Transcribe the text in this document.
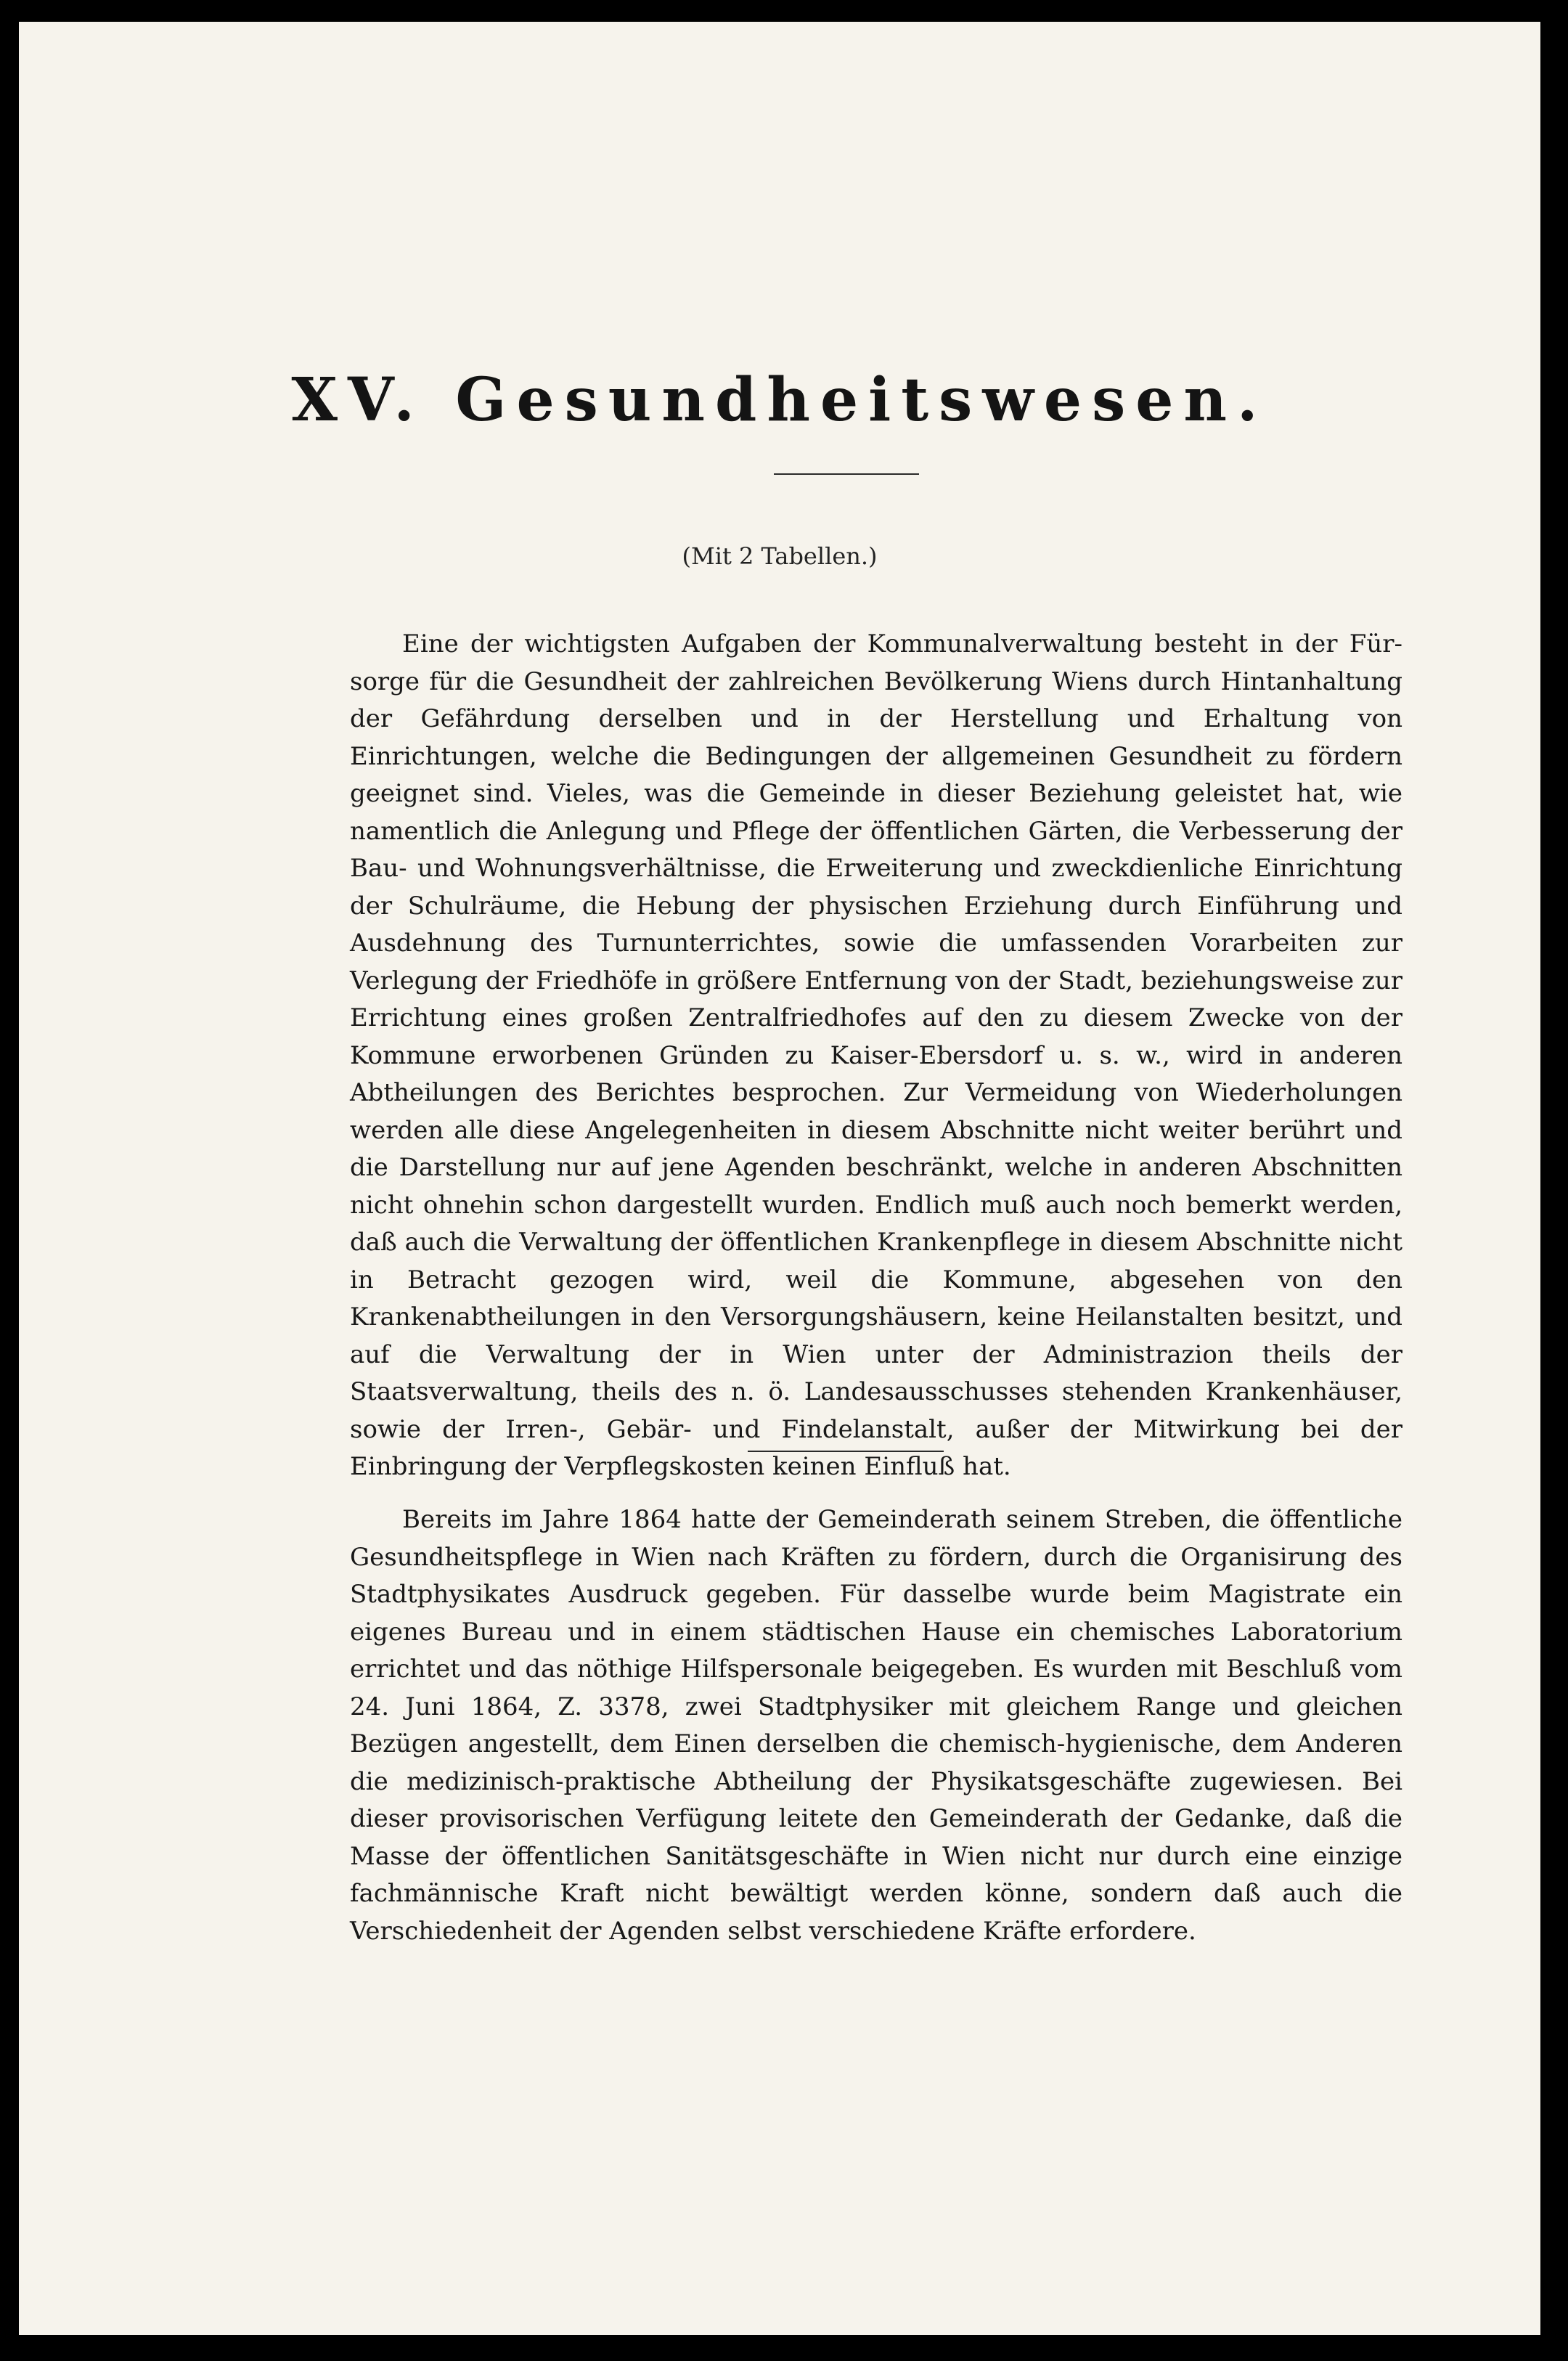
XV. Gesundheitswesen.
(Mit 2 Tabellen.)

Eine der wichtigsten Aufgaben der Kommunalverwaltung besteht in der Fürsorge für die Gesundheit der zahlreichen Bevölkerung Wiens durch Hintanhaltung der Gefährdung derselben und in der Herstellung und Erhaltung von Einrichtungen, welche die Bedingungen der allgemeinen Gesundheit zu fördern geeignet sind. Vieles, was die Gemeinde in dieser Beziehung geleistet hat, wie namentlich die Anlegung und Pflege der öffentlichen Gärten, die Verbesserung der Bau- und Wohnungsverhältnisse, die Erweiterung und zweckdienliche Einrichtung der Schulräume, die Hebung der physischen Erziehung durch Einführung und Ausdehnung des Turnunterrichtes, sowie die umfassenden Vorarbeiten zur Verlegung der Friedhöfe in größere Entfernung von der Stadt, beziehungsweise zur Errichtung eines großen Zentralfriedhofes auf den zu diesem Zwecke von der Kommune erworbenen Gründen zu Kaiser-Ebersdorf u. s. w., wird in anderen Abtheilungen des Berichtes besprochen. Zur Vermeidung von Wiederholungen werden alle diese Angelegenheiten in diesem Abschnitte nicht weiter berührt und die Darstellung nur auf jene Agenden beschränkt, welche in anderen Abschnitten nicht ohnehin schon dargestellt wurden. Endlich muß auch noch bemerkt werden, daß auch die Verwaltung der öffentlichen Krankenpflege in diesem Abschnitte nicht in Betracht gezogen wird, weil die Kommune, abgesehen von den Krankenabtheilungen in den Versorgungshäusern, keine Heilanstalten besitzt, und auf die Verwaltung der in Wien unter der Administrazion theils der Staatsverwaltung, theils des n. ö. Landesausschusses stehenden Krankenhäuser, sowie der Irren-, Gebär- und Findelanstalt, außer der Mitwirkung bei der Einbringung der Verpflegskosten keinen Einfluß hat.

Bereits im Jahre 1864 hatte der Gemeinderath seinem Streben, die öffentliche Gesundheitspflege in Wien nach Kräften zu fördern, durch die Organisirung des Stadtphysikates Ausdruck gegeben. Für dasselbe wurde beim Magistrate ein eigenes Bureau und in einem städtischen Hause ein chemisches Laboratorium errichtet und das nöthige Hilfspersonale beigegeben. Es wurden mit Beschluß vom 24. Juni 1864, Z. 3378, zwei Stadtphysiker mit gleichem Range und gleichen Bezügen angestellt, dem Einen derselben die chemisch-hygienische, dem Anderen die medizinisch-praktische Abtheilung der Physikatsgeschäfte zugewiesen. Bei dieser provisorischen Verfügung leitete den Gemeinderath der Gedanke, daß die Masse der öffentlichen Sanitätsgeschäfte in Wien nicht nur durch eine einzige fachmännische Kraft nicht bewältigt werden könne, sondern daß auch die Verschiedenheit der Agenden selbst verschiedene Kräfte erfordere.
